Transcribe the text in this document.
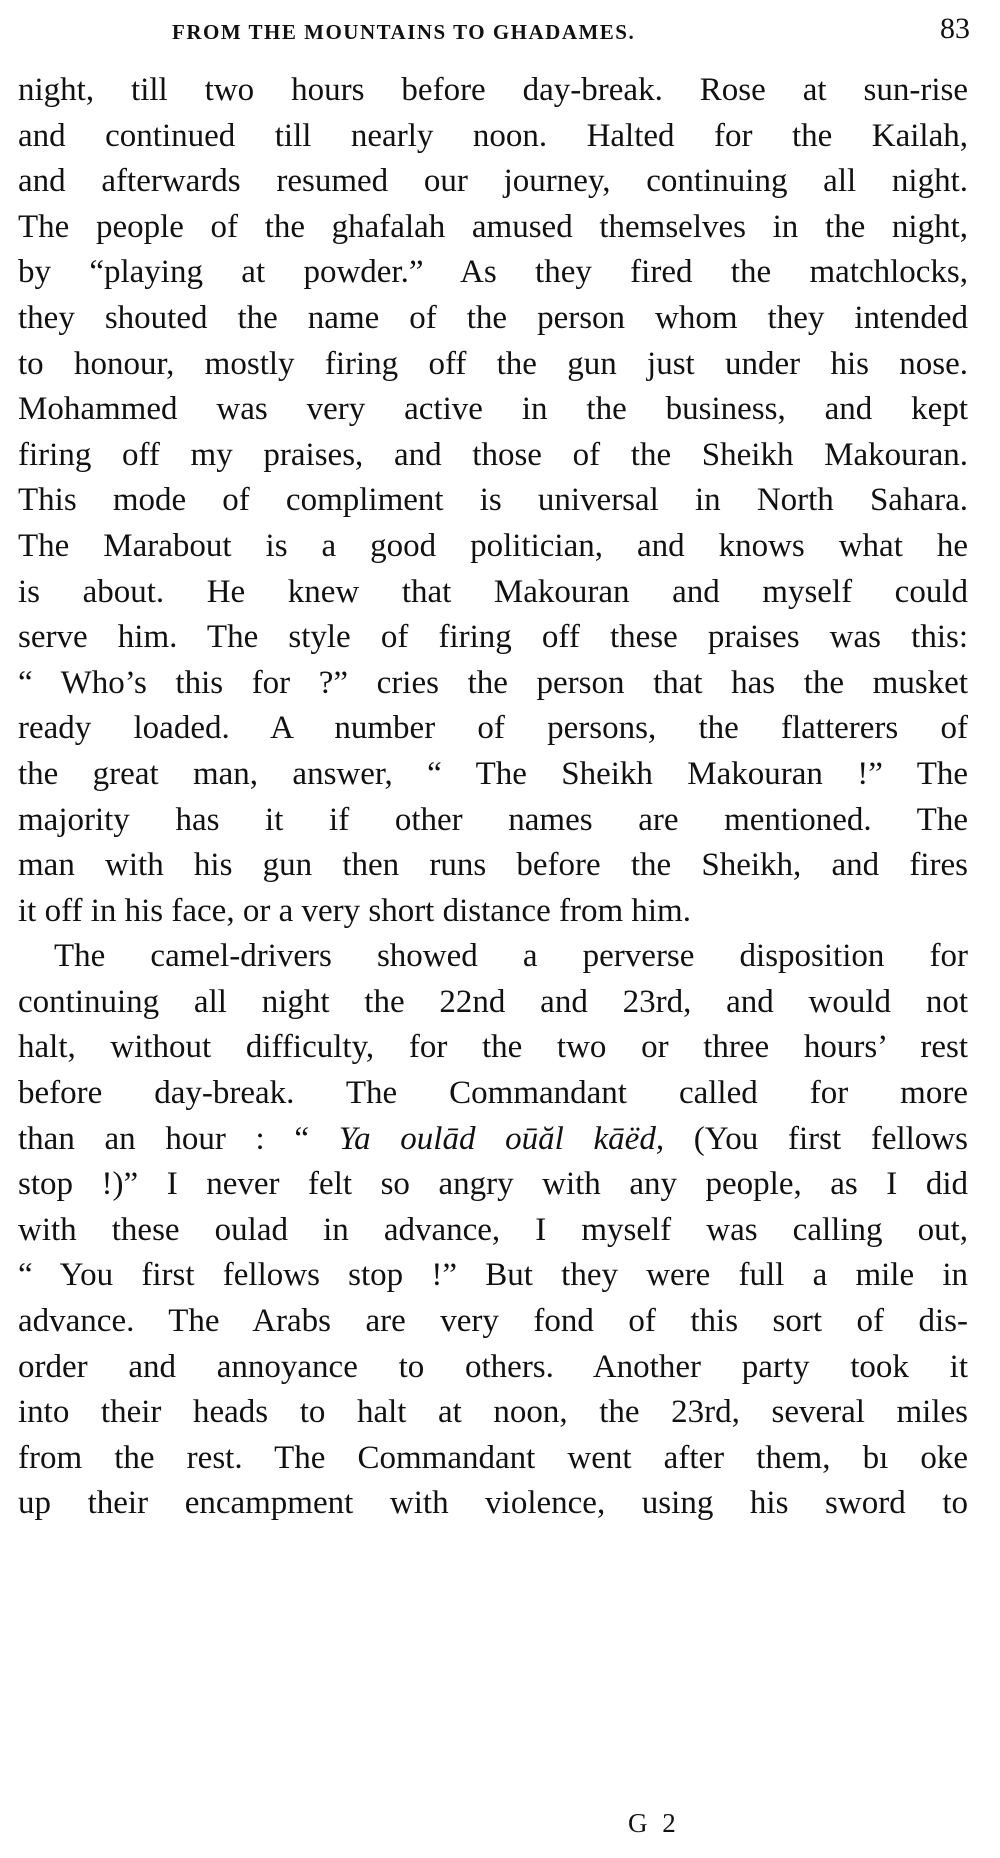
FROM THE MOUNTAINS TO GHADAMES.	83
night, till two hours before day-break. Rose at sun-rise
and continued till nearly noon. Halted for the Kailah,
and afterwards resumed our journey, continuing all night.
The people of the ghafalah amused themselves in the night,
by “playing at powder.” As they fired the matchlocks,
they shouted the name of the person whom they intended
to honour, mostly firing off the gun just under his nose.
Mohammed was very active in the business, and kept
firing off my praises, and those of the Sheikh Makouran.
This mode of compliment is universal in North Sahara.
The Marabout is a good politician, and knows what he
is about. He knew that Makouran and myself could
serve him. The style of firing off these praises was this:
“ Who’s this for ?” cries the person that has the musket
ready loaded. A number of persons, the flatterers of
the great man, answer, “ The Sheikh Makouran !” The
majority has it if other names are mentioned. The
man with his gun then runs before the Sheikh, and fires
it off in his face, or a very short distance from him.
The camel-drivers showed a perverse disposition for
continuing all night the 22nd and 23rd, and would not
halt, without difficulty, for the two or three hours’ rest
before day-break. The Commandant called for more
than an hour : “ Ya oulād oūăl kāëd, (You first fellows
stop !)” I never felt so angry with any people, as I did
with these oulad in advance, I myself was calling out,
“ You first fellows stop !” But they were full a mile in
advance. The Arabs are very fond of this sort of dis-
order and annoyance to others. Another party took it
into their heads to halt at noon, the 23rd, several miles
from the rest. The Commandant went after them, bı oke
up their encampment with violence, using his sword to
G 2
